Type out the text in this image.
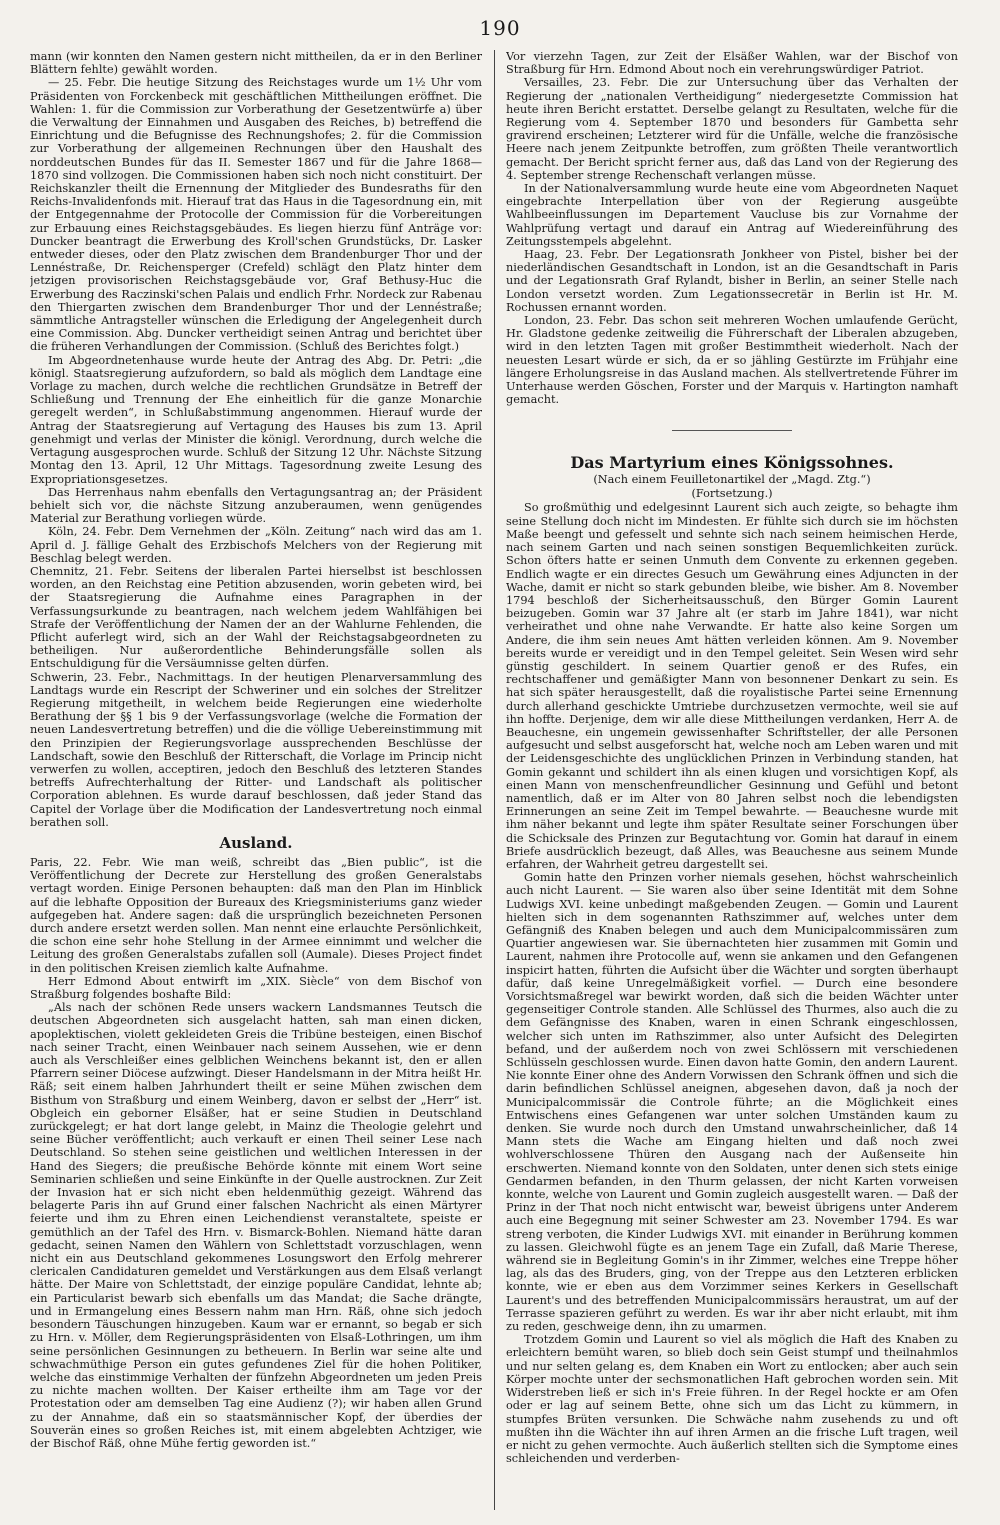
190

mann (wir konnten den Namen gestern nicht mittheilen, da er in den Berliner Blättern fehlte) gewählt worden.

— 25. Febr. Die heutige Sitzung des Reichstages wurde um 1½ Uhr vom Präsidenten von Forckenbeck mit geschäftlichen Mittheilungen eröffnet. Die Wahlen: 1. für die Commission zur Vorberathung der Gesetzentwürfe a) über die Verwaltung der Einnahmen und Ausgaben des Reiches, b) betreffend die Einrichtung und die Befugnisse des Rechnungshofes; 2. für die Commission zur Vorberathung der allgemeinen Rechnungen über den Haushalt des norddeutschen Bundes für das II. Semester 1867 und für die Jahre 1868—1870 sind vollzogen. Die Commissionen haben sich noch nicht constituirt. Der Reichskanzler theilt die Ernennung der Mitglieder des Bundesraths für den Reichs-Invalidenfonds mit. Hierauf trat das Haus in die Tagesordnung ein, mit der Entgegennahme der Protocolle der Commission für die Vorbereitungen zur Erbauung eines Reichstagsgebäudes. Es liegen hierzu fünf Anträge vor: Duncker beantragt die Erwerbung des Kroll'schen Grundstücks, Dr. Lasker entweder dieses, oder den Platz zwischen dem Brandenburger Thor und der Lennéstraße, Dr. Reichensperger (Crefeld) schlägt den Platz hinter dem jetzigen provisorischen Reichstagsgebäude vor, Graf Bethusy-Huc die Erwerbung des Raczinski'schen Palais und endlich Frhr. Nordeck zur Rabenau den Thiergarten zwischen dem Brandenburger Thor und der Lennéstraße; sämmtliche Antragsteller wünschen die Erledigung der Angelegenheit durch eine Commission. Abg. Duncker vertheidigt seinen Antrag und berichtet über die früheren Verhandlungen der Commission. (Schluß des Berichtes folgt.)

Im Abgeordnetenhause wurde heute der Antrag des Abg. Dr. Petri: „die königl. Staatsregierung aufzufordern, so bald als möglich dem Landtage eine Vorlage zu machen, durch welche die rechtlichen Grundsätze in Betreff der Schließung und Trennung der Ehe einheitlich für die ganze Monarchie geregelt werden“, in Schlußabstimmung angenommen. Hierauf wurde der Antrag der Staatsregierung auf Vertagung des Hauses bis zum 13. April genehmigt und verlas der Minister die königl. Verordnung, durch welche die Vertagung ausgesprochen wurde. Schluß der Sitzung 12 Uhr. Nächste Sitzung Montag den 13. April, 12 Uhr Mittags. Tagesordnung zweite Lesung des Expropriationsgesetzes.

Das Herrenhaus nahm ebenfalls den Vertagungsantrag an; der Präsident behielt sich vor, die nächste Sitzung anzuberaumen, wenn genügendes Material zur Berathung vorliegen würde.

Köln, 24. Febr. Dem Vernehmen der „Köln. Zeitung“ nach wird das am 1. April d. J. fällige Gehalt des Erzbischofs Melchers von der Regierung mit Beschlag belegt werden.

Chemnitz, 21. Febr. Seitens der liberalen Partei hierselbst ist beschlossen worden, an den Reichstag eine Petition abzusenden, worin gebeten wird, bei der Staatsregierung die Aufnahme eines Paragraphen in der Verfassungsurkunde zu beantragen, nach welchem jedem Wahlfähigen bei Strafe der Veröffentlichung der Namen der an der Wahlurne Fehlenden, die Pflicht auferlegt wird, sich an der Wahl der Reichstagsabgeordneten zu betheiligen. Nur außerordentliche Behinderungsfälle sollen als Entschuldigung für die Versäumnisse gelten dürfen.

Schwerin, 23. Febr., Nachmittags. In der heutigen Plenarversammlung des Landtags wurde ein Rescript der Schweriner und ein solches der Strelitzer Regierung mitgetheilt, in welchem beide Regierungen eine wiederholte Berathung der §§ 1 bis 9 der Verfassungsvorlage (welche die Formation der neuen Landesvertretung betreffen) und die die völlige Uebereinstimmung mit den Prinzipien der Regierungsvorlage aussprechenden Beschlüsse der Landschaft, sowie den Beschluß der Ritterschaft, die Vorlage im Princip nicht verwerfen zu wollen, acceptiren, jedoch den Beschluß des letzteren Standes betreffs Aufrechterhaltung der Ritter- und Landschaft als politischer Corporation ablehnen. Es wurde darauf beschlossen, daß jeder Stand das Capitel der Vorlage über die Modification der Landesvertretung noch einmal berathen soll.

Ausland.

Paris, 22. Febr. Wie man weiß, schreibt das „Bien public“, ist die Veröffentlichung der Decrete zur Herstellung des großen Generalstabs vertagt worden. Einige Personen behaupten: daß man den Plan im Hinblick auf die lebhafte Opposition der Bureaux des Kriegsministeriums ganz wieder aufgegeben hat. Andere sagen: daß die ursprünglich bezeichneten Personen durch andere ersetzt werden sollen. Man nennt eine erlauchte Persönlichkeit, die schon eine sehr hohe Stellung in der Armee einnimmt und welcher die Leitung des großen Generalstabs zufallen soll (Aumale). Dieses Project findet in den politischen Kreisen ziemlich kalte Aufnahme.

Herr Edmond About entwirft im „XIX. Siècle“ von dem Bischof von Straßburg folgendes boshafte Bild:

„Als nach der schönen Rede unsers wackern Landsmannes Teutsch die deutschen Abgeordneten sich ausgelacht hatten, sah man einen dicken, apoplektischen, violett gekleideten Greis die Tribüne besteigen, einen Bischof nach seiner Tracht, einen Weinbauer nach seinem Aussehen, wie er denn auch als Verschleißer eines gelblichen Weinchens bekannt ist, den er allen Pfarrern seiner Diöcese aufzwingt. Dieser Handelsmann in der Mitra heißt Hr. Räß; seit einem halben Jahrhundert theilt er seine Mühen zwischen dem Bisthum von Straßburg und einem Weinberg, davon er selbst der „Herr“ ist. Obgleich ein geborner Elsäßer, hat er seine Studien in Deutschland zurückgelegt; er hat dort lange gelebt, in Mainz die Theologie gelehrt und seine Bücher veröffentlicht; auch verkauft er einen Theil seiner Lese nach Deutschland. So stehen seine geistlichen und weltlichen Interessen in der Hand des Siegers; die preußische Behörde könnte mit einem Wort seine Seminarien schließen und seine Einkünfte in der Quelle austrocknen. Zur Zeit der Invasion hat er sich nicht eben heldenmüthig gezeigt. Während das belagerte Paris ihn auf Grund einer falschen Nachricht als einen Märtyrer feierte und ihm zu Ehren einen Leichendienst veranstaltete, speiste er gemüthlich an der Tafel des Hrn. v. Bismarck-Bohlen. Niemand hätte daran gedacht, seinen Namen den Wählern von Schlettstadt vorzuschlagen, wenn nicht ein aus Deutschland gekommenes Losungswort den Erfolg mehrerer clericalen Candidaturen gemeldet und Verstärkungen aus dem Elsaß verlangt hätte. Der Maire von Schlettstadt, der einzige populäre Candidat, lehnte ab; ein Particularist bewarb sich ebenfalls um das Mandat; die Sache drängte, und in Ermangelung eines Bessern nahm man Hrn. Räß, ohne sich jedoch besondern Täuschungen hinzugeben. Kaum war er ernannt, so begab er sich zu Hrn. v. Möller, dem Regierungspräsidenten von Elsaß-Lothringen, um ihm seine persönlichen Gesinnungen zu betheuern. In Berlin war seine alte und schwachmüthige Person ein gutes gefundenes Ziel für die hohen Politiker, welche das einstimmige Verhalten der fünfzehn Abgeordneten um jeden Preis zu nichte machen wollten. Der Kaiser ertheilte ihm am Tage vor der Protestation oder am demselben Tag eine Audienz (?); wir haben allen Grund zu der Annahme, daß ein so staatsmännischer Kopf, der überdies der Souverän eines so großen Reiches ist, mit einem abgelebten Achtziger, wie der Bischof Räß, ohne Mühe fertig geworden ist.“

Vor vierzehn Tagen, zur Zeit der Elsäßer Wahlen, war der Bischof von Straßburg für Hrn. Edmond About noch ein verehrungswürdiger Patriot.

Versailles, 23. Febr. Die zur Untersuchung über das Verhalten der Regierung der „nationalen Vertheidigung“ niedergesetzte Commission hat heute ihren Bericht erstattet. Derselbe gelangt zu Resultaten, welche für die Regierung vom 4. September 1870 und besonders für Gambetta sehr gravirend erscheinen; Letzterer wird für die Unfälle, welche die französische Heere nach jenem Zeitpunkte betroffen, zum größten Theile verantwortlich gemacht. Der Bericht spricht ferner aus, daß das Land von der Regierung des 4. September strenge Rechenschaft verlangen müsse.

In der Nationalversammlung wurde heute eine vom Abgeordneten Naquet eingebrachte Interpellation über von der Regierung ausgeübte Wahlbeeinflussungen im Departement Vaucluse bis zur Vornahme der Wahlprüfung vertagt und darauf ein Antrag auf Wiedereinführung des Zeitungsstempels abgelehnt.

Haag, 23. Febr. Der Legationsrath Jonkheer von Pistel, bisher bei der niederländischen Gesandtschaft in London, ist an die Gesandtschaft in Paris und der Legationsrath Graf Rylandt, bisher in Berlin, an seiner Stelle nach London versetzt worden. Zum Legationssecretär in Berlin ist Hr. M. Rochussen ernannt worden.

London, 23. Febr. Das schon seit mehreren Wochen umlaufende Gerücht, Hr. Gladstone gedenke zeitweilig die Führerschaft der Liberalen abzugeben, wird in den letzten Tagen mit großer Bestimmtheit wiederholt. Nach der neuesten Lesart würde er sich, da er so jähling Gestürzte im Frühjahr eine längere Erholungsreise in das Ausland machen. Als stellvertretende Führer im Unterhause werden Göschen, Forster und der Marquis v. Hartington namhaft gemacht.

Das Martyrium eines Königssohnes.
(Nach einem Feuilletonartikel der „Magd. Ztg.“)
(Fortsetzung.)

So großmüthig und edelgesinnt Laurent sich auch zeigte, so behagte ihm seine Stellung doch nicht im Mindesten. Er fühlte sich durch sie im höchsten Maße beengt und gefesselt und sehnte sich nach seinem heimischen Herde, nach seinem Garten und nach seinen sonstigen Bequemlichkeiten zurück. Schon öfters hatte er seinen Unmuth dem Convente zu erkennen gegeben. Endlich wagte er ein directes Gesuch um Gewährung eines Adjuncten in der Wache, damit er nicht so stark gebunden bleibe, wie bisher. Am 8. November 1794 beschloß der Sicherheitsausschuß, den Bürger Gomin Laurent beizugeben. Gomin war 37 Jahre alt (er starb im Jahre 1841), war nicht verheirathet und ohne nahe Verwandte. Er hatte also keine Sorgen um Andere, die ihm sein neues Amt hätten verleiden können. Am 9. November bereits wurde er vereidigt und in den Tempel geleitet. Sein Wesen wird sehr günstig geschildert. In seinem Quartier genoß er des Rufes, ein rechtschaffener und gemäßigter Mann von besonnener Denkart zu sein. Es hat sich später herausgestellt, daß die royalistische Partei seine Ernennung durch allerhand geschickte Umtriebe durchzusetzen vermochte, weil sie auf ihn hoffte. Derjenige, dem wir alle diese Mittheilungen verdanken, Herr A. de Beauchesne, ein ungemein gewissenhafter Schriftsteller, der alle Personen aufgesucht und selbst ausgeforscht hat, welche noch am Leben waren und mit der Leidensgeschichte des unglücklichen Prinzen in Verbindung standen, hat Gomin gekannt und schildert ihn als einen klugen und vorsichtigen Kopf, als einen Mann von menschenfreundlicher Gesinnung und Gefühl und betont namentlich, daß er im Alter von 80 Jahren selbst noch die lebendigsten Erinnerungen an seine Zeit im Tempel bewahrte. — Beauchesne wurde mit ihm näher bekannt und legte ihm später Resultate seiner Forschungen über die Schicksale des Prinzen zur Begutachtung vor. Gomin hat darauf in einem Briefe ausdrücklich bezeugt, daß Alles, was Beauchesne aus seinem Munde erfahren, der Wahrheit getreu dargestellt sei.

Gomin hatte den Prinzen vorher niemals gesehen, höchst wahrscheinlich auch nicht Laurent. — Sie waren also über seine Identität mit dem Sohne Ludwigs XVI. keine unbedingt maßgebenden Zeugen. — Gomin und Laurent hielten sich in dem sogenannten Rathszimmer auf, welches unter dem Gefängniß des Knaben belegen und auch dem Municipalcommissären zum Quartier angewiesen war. Sie übernachteten hier zusammen mit Gomin und Laurent, nahmen ihre Protocolle auf, wenn sie ankamen und den Gefangenen inspicirt hatten, führten die Aufsicht über die Wächter und sorgten überhaupt dafür, daß keine Unregelmäßigkeit vorfiel. — Durch eine besondere Vorsichtsmaßregel war bewirkt worden, daß sich die beiden Wächter unter gegenseitiger Controle standen. Alle Schlüssel des Thurmes, also auch die zu dem Gefängnisse des Knaben, waren in einen Schrank eingeschlossen, welcher sich unten im Rathszimmer, also unter Aufsicht des Delegirten befand, und der außerdem noch von zwei Schlössern mit verschiedenen Schlüsseln geschlossen wurde. Einen davon hatte Gomin, den andern Laurent. Nie konnte Einer ohne des Andern Vorwissen den Schrank öffnen und sich die darin befindlichen Schlüssel aneignen, abgesehen davon, daß ja noch der Municipalcommissär die Controle führte; an die Möglichkeit eines Entwischens eines Gefangenen war unter solchen Umständen kaum zu denken. Sie wurde noch durch den Umstand unwahrscheinlicher, daß 14 Mann stets die Wache am Eingang hielten und daß noch zwei wohlverschlossene Thüren den Ausgang nach der Außenseite hin erschwerten. Niemand konnte von den Soldaten, unter denen sich stets einige Gendarmen befanden, in den Thurm gelassen, der nicht Karten vorweisen konnte, welche von Laurent und Gomin zugleich ausgestellt waren. — Daß der Prinz in der That noch nicht entwischt war, beweist übrigens unter Anderem auch eine Begegnung mit seiner Schwester am 23. November 1794. Es war streng verboten, die Kinder Ludwigs XVI. mit einander in Berührung kommen zu lassen. Gleichwohl fügte es an jenem Tage ein Zufall, daß Marie Therese, während sie in Begleitung Gomin's in ihr Zimmer, welches eine Treppe höher lag, als das des Bruders, ging, von der Treppe aus den Letzteren erblicken konnte, wie er eben aus dem Vorzimmer seines Kerkers in Gesellschaft Laurent's und des betreffenden Municipalcommissärs heraustrat, um auf der Terrasse spazieren geführt zu werden. Es war ihr aber nicht erlaubt, mit ihm zu reden, geschweige denn, ihn zu umarmen.

Trotzdem Gomin und Laurent so viel als möglich die Haft des Knaben zu erleichtern bemüht waren, so blieb doch sein Geist stumpf und theilnahmlos und nur selten gelang es, dem Knaben ein Wort zu entlocken; aber auch sein Körper mochte unter der sechsmonatlichen Haft gebrochen worden sein. Mit Widerstreben ließ er sich in's Freie führen. In der Regel hockte er am Ofen oder er lag auf seinem Bette, ohne sich um das Licht zu kümmern, in stumpfes Brüten versunken. Die Schwäche nahm zusehends zu und oft mußten ihn die Wächter ihn auf ihren Armen an die frische Luft tragen, weil er nicht zu gehen vermochte. Auch äußerlich stellten sich die Symptome eines schleichenden und verderben-
